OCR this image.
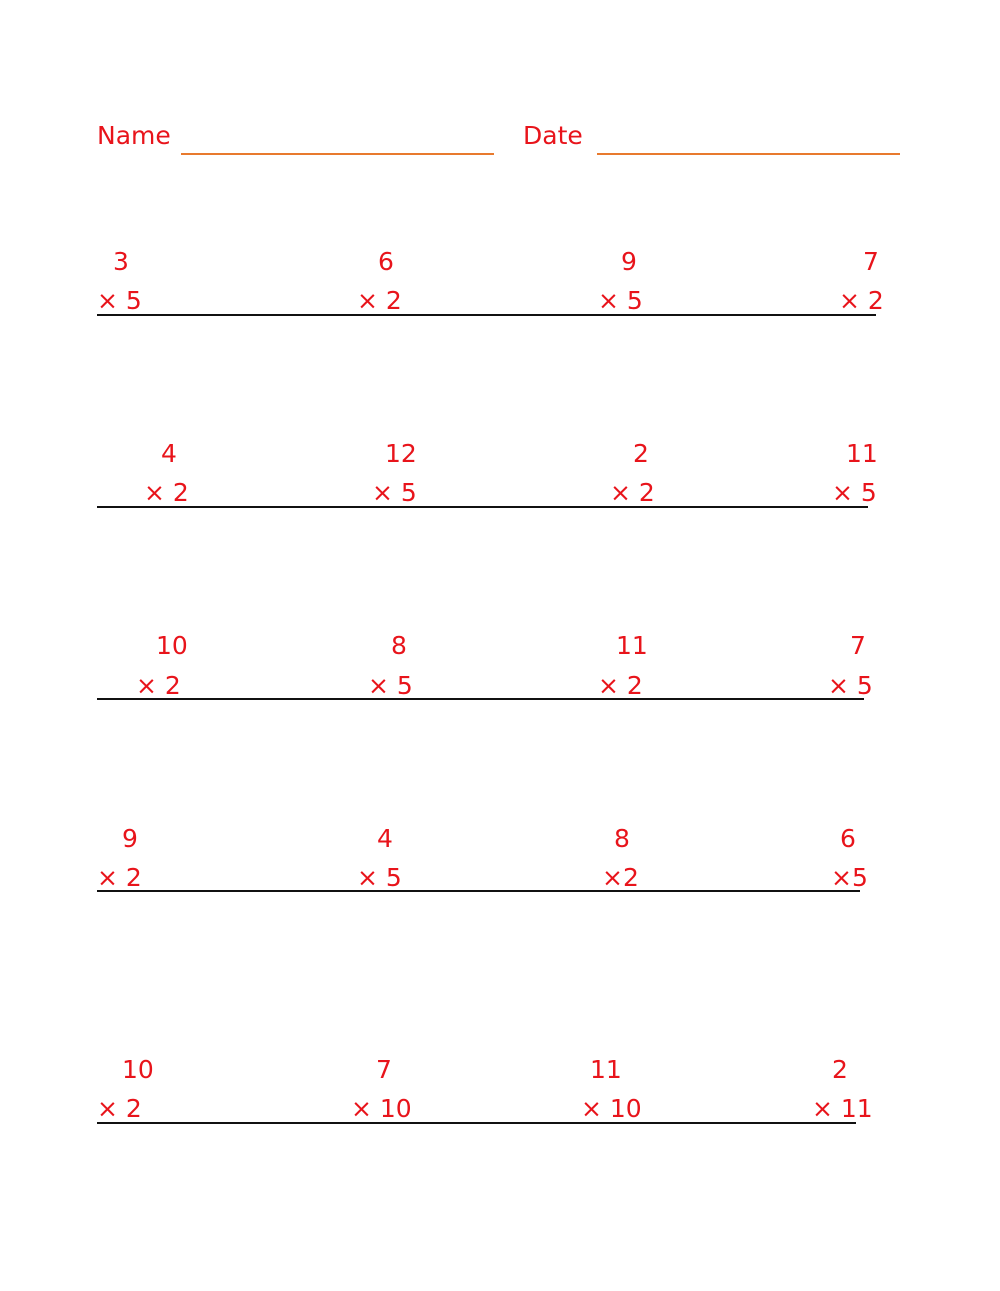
Name	Date
3	6	9	7
× 5	× 2	× 5	× 2
4	12	2	11
× 2	× 5	× 2	× 5
10	8	11	7
× 2	× 5	× 2	× 5
9	4	8	6
× 2	× 5	×2	×5
10	7	11	2
× 2	× 10	× 10	× 11
